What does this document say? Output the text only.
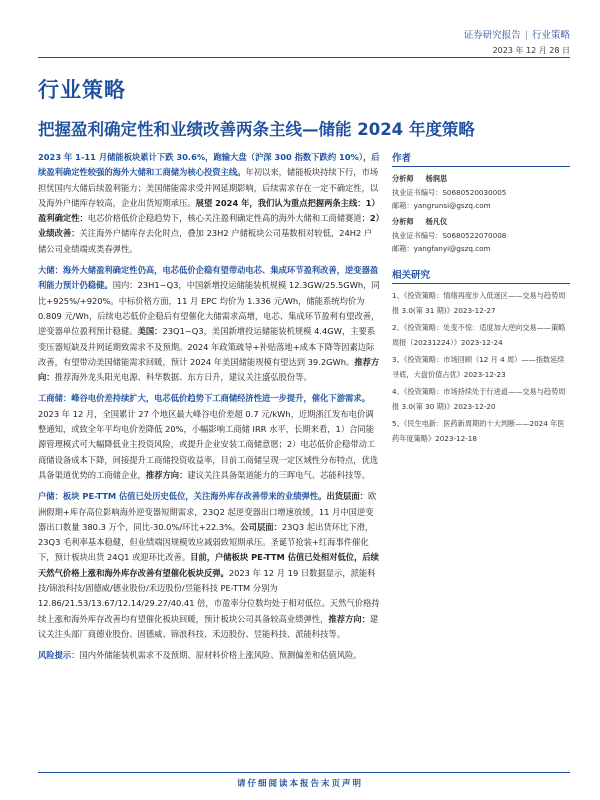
证券研究报告 | 行业策略
2023 年 12 月 28 日
行业策略
把握盈利确定性和业绩改善两条主线—储能 2024 年度策略

2023 年 1-11 月储能板块累计下跌 30.6%，跑输大盘（沪深 300 指数下跌约 10%），后续盈利确定性较强的海外大储和工商储为核心投资主线。年初以来，储能板块持续下行，市场担忧国内大储后续盈利能力；美国储能需求受并网延期影响，后续需求存在一定不确定性，以及海外户储库存较高，企业出货短期承压。展望 2024 年，我们认为重点把握两条主线：1）盈利确定性：电芯价格低价企稳趋势下，核心关注盈利确定性高的海外大储和工商储赛道；2）业绩改善：关注海外户储库存去化时点，叠加 23H2 户储板块公司基数相对较低，24H2 户储公司业绩端或类春弹性。

大储：海外大储盈利确定性仍高，电芯低价企稳有望带动电芯、集成环节盈利改善，逆变器盈利能力预计仍稳健。国内：23H1~Q3，中国新增投运储能装机规模 12.3GW/25.5GWh，同比+925%/+920%。中标价格方面，11 月 EPC 均价为 1.336 元/Wh，储能系统均价为 0.809 元/Wh，后续电芯低价企稳后有望催化大储需求高增，电芯、集成环节盈利有望改善，逆变器单位盈利预计稳健。美国：23Q1~Q3，美国新增投运储能装机规模 4.4GW，主要系变压器短缺及并网延期致需求不及预期。2024 年政策疏导+补贴落地+成本下降等因素边际改善，有望带动美国储能需求回暖，预计 2024 年美国储能规模有望达到 39.2GWh。推荐方向：推荐海外龙头阳光电源、科华数据、东方日升，建议关注盛弘股份等。

工商储：峰谷电价差持续扩大，电芯低价趋势下工商储经济性进一步提升，催化下游需求。2023 年 12 月，全国累计 27 个地区最大峰谷电价差超 0.7 元/kWh，近期浙江发布电价调整通知，或致全年平均电价差降低 20%，小幅影响工商储 IRR 水平，长期来看，1）合同能源管理模式可大幅降低业主投资风险，或提升企业安装工商储意愿；2）电芯低价企稳带动工商储设备成本下降，间接提升工商储投资收益率，目前工商储呈现一定区域性分布特点，优选具备渠道优势的工商储企业，推荐方向：建议关注具备渠道能力的三晖电气、芯能科技等。

户储：板块 PE-TTM 估值已处历史低位，关注海外库存改善带来的业绩弹性。出货层面：欧洲假期+库存高位影响海外逆变器短期需求，23Q2 起逆变器出口增速放缓，11 月中国逆变器出口数量 380.3 万个，同比-30.0%/环比+22.3%。公司层面：23Q3 起出货环比下滑，23Q3 毛利率基本稳健，但业绩端因规模效应减弱致短期承压。圣诞节抢装+红海事件催化下，预计板块出货 24Q1 或迎环比改善。目前，户储板块 PE-TTM 估值已处相对低位，后续天然气价格上涨和海外库存改善有望催化板块反弹。2023 年 12 月 19 日数据显示，派能科技/锦浪科技/固德威/德业股份/禾迈股份/昱能科技 PE-TTM 分别为 12.86/21.53/13.67/12.14/29.27/40.41 倍，市盈率分位数均处于相对低位。天然气价格持续上涨和海外库存改善均有望催化板块回暖，预计板块公司具备较高业绩弹性，推荐方向：建议关注头部厂商德业股份、固德威、锦浪科技、禾迈股份、昱能科技、派能科技等。

风险提示：国内外储能装机需求不及预期、原材料价格上涨风险、预测偏差和估值风险。

作者
分析师 杨润思
执业证书编号：S0680520030005
邮箱：yangrunsi@gszq.com
分析师 杨凡仪
执业证书编号：S0680522070008
邮箱：yangfanyi@gszq.com
相关研究
1、《投资策略：情绪再度步入低迷区——交易与趋势周报 3.0(第 31 期)》2023-12-27
2、《投资策略：处变不惊：适度加大逆向交易——策略周报（20231224）》2023-12-24
3、《投资策略：市场回顾（12 月 4 周）——指数延续寻底，大盘价值占优》2023-12-23
4、《投资策略：市场持续处于行进道——交易与趋势周报 3.0(第 30 期)》2023-12-20
5、《民生电新：医药新周期的十大判断——2024 年医药年度策略》2023-12-18
请仔细阅读本报告末页声明
